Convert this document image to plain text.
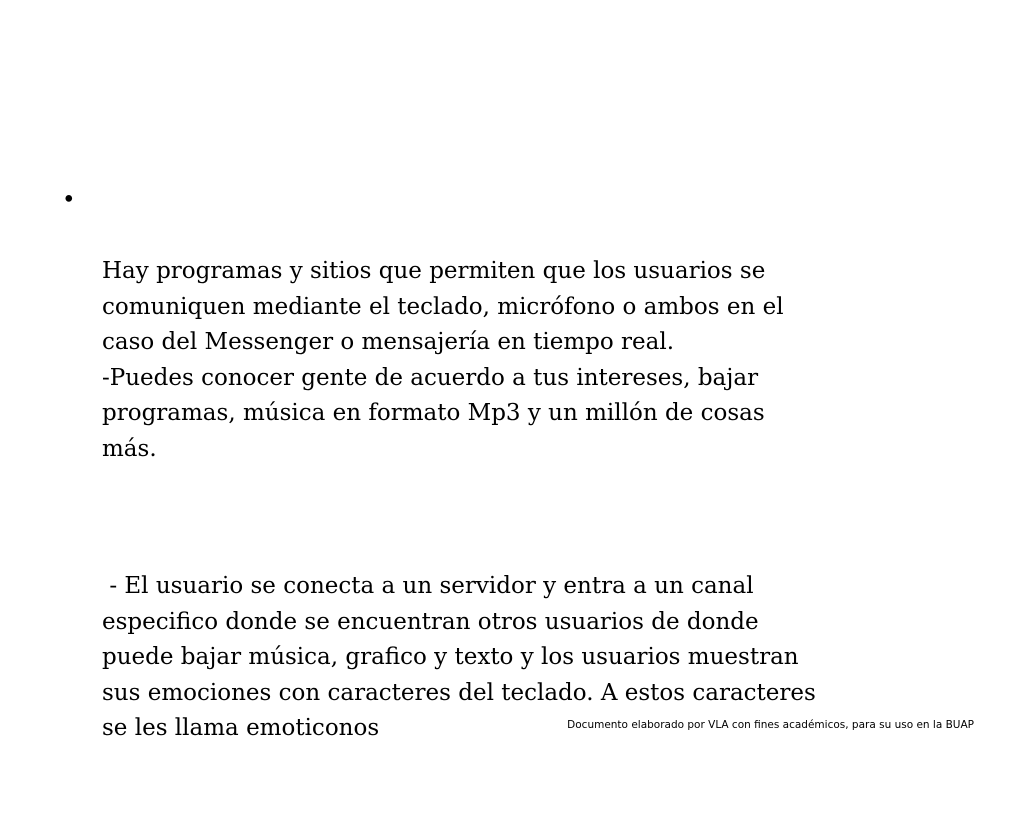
•

Hay programas y sitios que permiten que los usuarios se
comuniquen mediante el teclado, micrófono o ambos en el
caso del Messenger o mensajería en tiempo real.
-Puedes conocer gente de acuerdo a tus intereses, bajar
programas, música en formato Mp3 y un millón de cosas
más.

- El usuario se conecta a un servidor y entra a un canal
especifico donde se encuentran otros usuarios de donde
puede bajar música, grafico y texto y los usuarios muestran
sus emociones con caracteres del teclado. A estos caracteres
se les llama emoticonos

	Documento elaborado por VLA con fines académicos, para su uso en la BUAP
